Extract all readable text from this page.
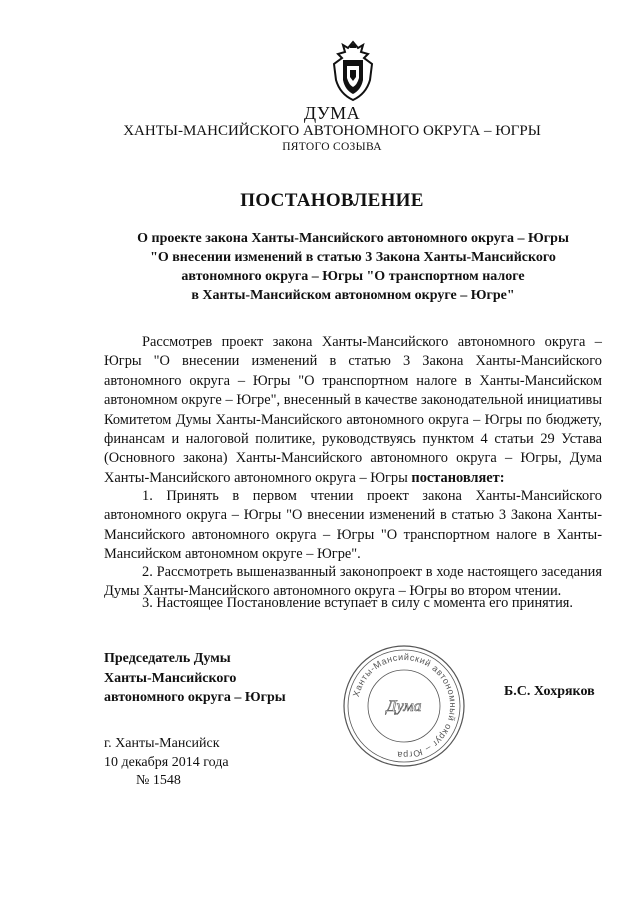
ДУМА

ХАНТЫ-МАНСИЙСКОГО АВТОНОМНОГО ОКРУГА – ЮГРЫ

ПЯТОГО СОЗЫВА

ПОСТАНОВЛЕНИЕ

О проекте закона Ханты-Мансийского автономного округа – Югры
"О внесении изменений в статью 3 Закона Ханты-Мансийского
автономного округа – Югры "О транспортном налоге
в Ханты-Мансийском автономном округе – Югре"

Рассмотрев проект закона Ханты-Мансийского автономного округа – Югры "О внесении изменений в статью 3 Закона Ханты-Мансийского автономного округа – Югры "О транспортном налоге в Ханты-Мансийском автономном округе – Югре", внесенный в качестве законодательной инициативы Комитетом Думы Ханты-Мансийского автономного округа – Югры по бюджету, финансам и налоговой политике, руководствуясь пунктом 4 статьи 29 Устава (Основного закона) Ханты-Мансийского автономного округа – Югры, Дума Ханты-Мансийского автономного округа – Югры постановляет:

1. Принять в первом чтении проект закона Ханты-Мансийского автономного округа – Югры "О внесении изменений в статью 3 Закона Ханты-Мансийского автономного округа – Югры "О транспортном налоге в Ханты-Мансийском автономном округе – Югре".

2. Рассмотреть вышеназванный законопроект в ходе настоящего заседания Думы Ханты-Мансийского автономного округа – Югры во втором чтении.

3. Настоящее Постановление вступает в силу с момента его принятия.

Председатель Думы
Ханты-Мансийского
автономного округа – Югры	Ханты-Мансийский автономный округ – Югра
Дума

Б.С. Хохряков

г. Ханты-Мансийск
10 декабря 2014 года
№ 1548
